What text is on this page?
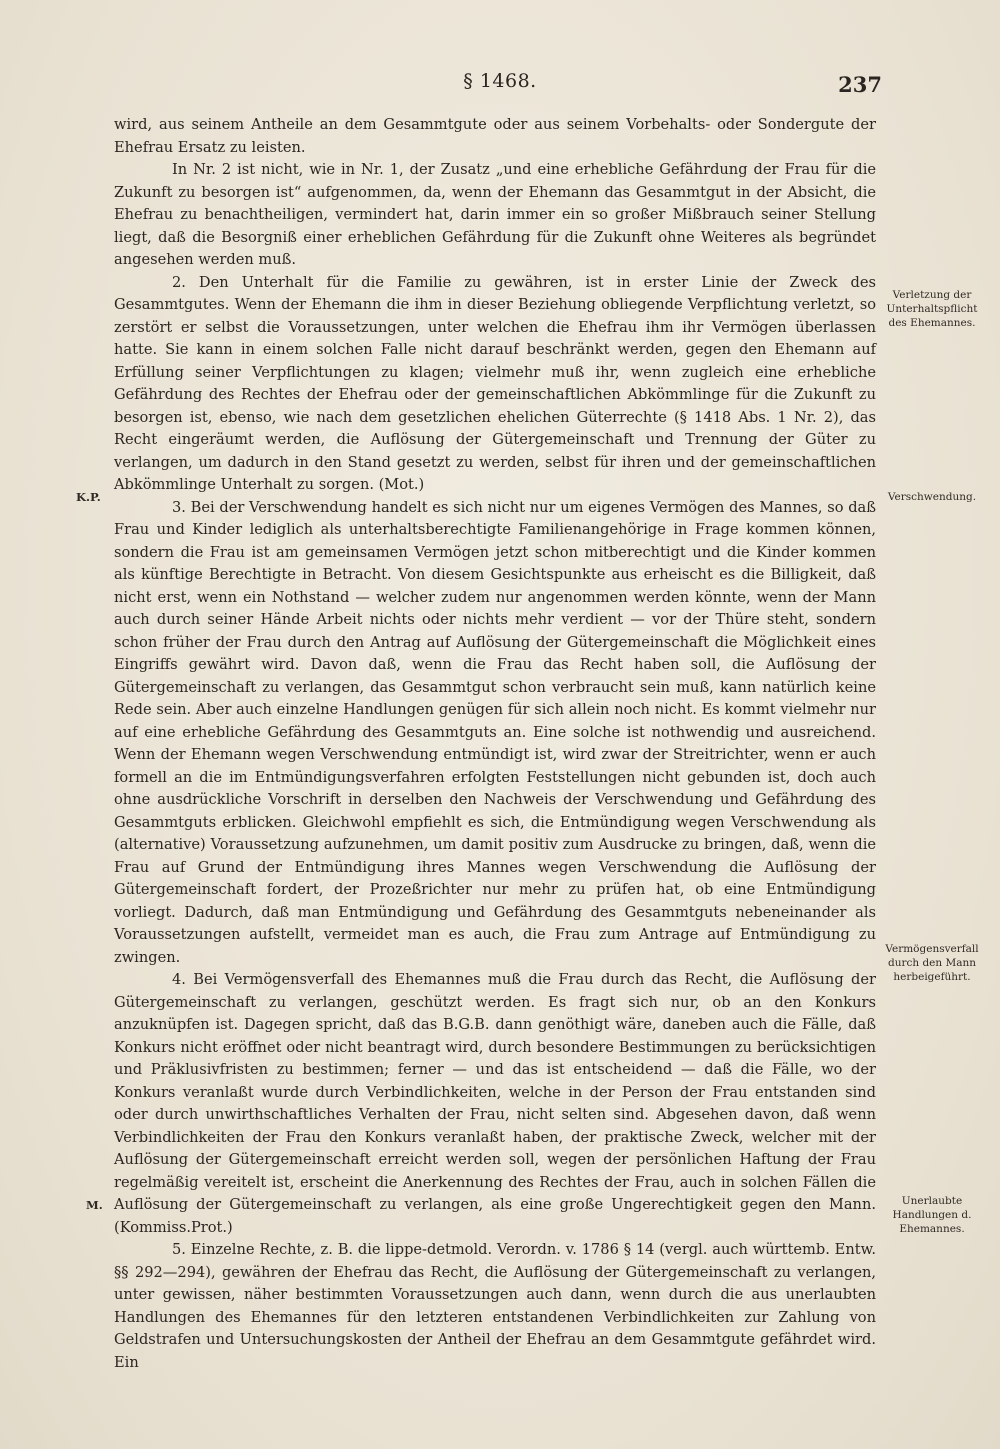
§ 1468.	237

wird, aus seinem Antheile an dem Gesammtgute oder aus seinem Vorbehalts- oder Sondergute der Ehefrau Ersatz zu leisten.

In Nr. 2 ist nicht, wie in Nr. 1, der Zusatz „und eine erhebliche Gefährdung der Frau für die Zukunft zu besorgen ist“ aufgenommen, da, wenn der Ehemann das Gesammtgut in der Absicht, die Ehefrau zu benachtheiligen, vermindert hat, darin immer ein so großer Mißbrauch seiner Stellung liegt, daß die Besorgniß einer erheblichen Gefährdung für die Zukunft ohne Weiteres als begründet angesehen werden muß.

2. Den Unterhalt für die Familie zu gewähren, ist in erster Linie der Zweck des Gesammtgutes. Wenn der Ehemann die ihm in dieser Beziehung obliegende Verpflichtung verletzt, so zerstört er selbst die Voraussetzungen, unter welchen die Ehefrau ihm ihr Vermögen überlassen hatte. Sie kann in einem solchen Falle nicht darauf beschränkt werden, gegen den Ehemann auf Erfüllung seiner Verpflichtungen zu klagen; vielmehr muß ihr, wenn zugleich eine erhebliche Gefährdung des Rechtes der Ehefrau oder der gemeinschaftlichen Abkömmlinge für die Zukunft zu besorgen ist, ebenso, wie nach dem gesetzlichen ehelichen Güterrechte (§ 1418 Abs. 1 Nr. 2), das Recht eingeräumt werden, die Auflösung der Gütergemeinschaft und Trennung der Güter zu verlangen, um dadurch in den Stand gesetzt zu werden, selbst für ihren und der gemeinschaftlichen Abkömmlinge Unterhalt zu sorgen. (Mot.)

3. Bei der Verschwendung handelt es sich nicht nur um eigenes Vermögen des Mannes, so daß Frau und Kinder lediglich als unterhaltsberechtigte Familienangehörige in Frage kommen können, sondern die Frau ist am gemeinsamen Vermögen jetzt schon mitberechtigt und die Kinder kommen als künftige Berechtigte in Betracht. Von diesem Gesichtspunkte aus erheischt es die Billigkeit, daß nicht erst, wenn ein Nothstand — welcher zudem nur angenommen werden könnte, wenn der Mann auch durch seiner Hände Arbeit nichts oder nichts mehr verdient — vor der Thüre steht, sondern schon früher der Frau durch den Antrag auf Auflösung der Gütergemeinschaft die Möglichkeit eines Eingriffs gewährt wird. Davon daß, wenn die Frau das Recht haben soll, die Auflösung der Gütergemeinschaft zu verlangen, das Gesammtgut schon verbraucht sein muß, kann natürlich keine Rede sein. Aber auch einzelne Handlungen genügen für sich allein noch nicht. Es kommt vielmehr nur auf eine erhebliche Gefährdung des Gesammtguts an. Eine solche ist nothwendig und ausreichend. Wenn der Ehemann wegen Verschwendung entmündigt ist, wird zwar der Streitrichter, wenn er auch formell an die im Entmündigungsverfahren erfolgten Feststellungen nicht gebunden ist, doch auch ohne ausdrückliche Vorschrift in derselben den Nachweis der Verschwendung und Gefährdung des Gesammtguts erblicken. Gleichwohl empfiehlt es sich, die Entmündigung wegen Verschwendung als (alternative) Voraussetzung aufzunehmen, um damit positiv zum Ausdrucke zu bringen, daß, wenn die Frau auf Grund der Entmündigung ihres Mannes wegen Verschwendung die Auflösung der Gütergemeinschaft fordert, der Prozeßrichter nur mehr zu prüfen hat, ob eine Entmündigung vorliegt. Dadurch, daß man Entmündigung und Gefährdung des Gesammtguts nebeneinander als Voraussetzungen aufstellt, vermeidet man es auch, die Frau zum Antrage auf Entmündigung zu zwingen.

4. Bei Vermögensverfall des Ehemannes muß die Frau durch das Recht, die Auflösung der Gütergemeinschaft zu verlangen, geschützt werden. Es fragt sich nur, ob an den Konkurs anzuknüpfen ist. Dagegen spricht, daß das B.G.B. dann genöthigt wäre, daneben auch die Fälle, daß Konkurs nicht eröffnet oder nicht beantragt wird, durch besondere Bestimmungen zu berücksichtigen und Präklusivfristen zu bestimmen; ferner — und das ist entscheidend — daß die Fälle, wo der Konkurs veranlaßt wurde durch Verbindlichkeiten, welche in der Person der Frau entstanden sind oder durch unwirthschaftliches Verhalten der Frau, nicht selten sind. Abgesehen davon, daß wenn Verbindlichkeiten der Frau den Konkurs veranlaßt haben, der praktische Zweck, welcher mit der Auflösung der Gütergemeinschaft erreicht werden soll, wegen der persönlichen Haftung der Frau regelmäßig vereitelt ist, erscheint die Anerkennung des Rechtes der Frau, auch in solchen Fällen die Auflösung der Gütergemeinschaft zu verlangen, als eine große Ungerechtigkeit gegen den Mann. (Kommiss.Prot.)

5. Einzelne Rechte, z. B. die lippe-detmold. Verordn. v. 1786 § 14 (vergl. auch württemb. Entw. §§ 292—294), gewähren der Ehefrau das Recht, die Auflösung der Gütergemeinschaft zu verlangen, unter gewissen, näher bestimmten Voraussetzungen auch dann, wenn durch die aus unerlaubten Handlungen des Ehemannes für den letzteren entstandenen Verbindlichkeiten zur Zahlung von Geldstrafen und Untersuchungskosten der Antheil der Ehefrau an dem Gesammtgute gefährdet wird. Ein

Verletzung der Unterhaltspflicht des Ehemannes.
Verschwendung.
Vermögensverfall durch den Mann herbeigeführt.
Unerlaubte Handlungen d. Ehemannes.
K.P.
M.
